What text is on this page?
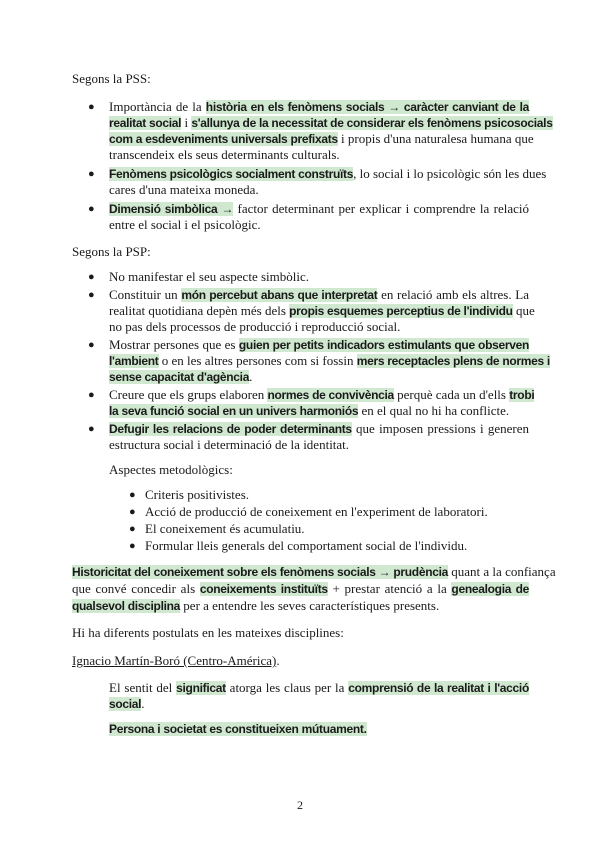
Segons la PSS:
● Importància de la història en els fenòmens socials → caràcter canviant de la
realitat social i s'allunya de la necessitat de considerar els fenòmens psicosocials
com a esdeveniments universals prefixats i propis d'una naturalesa humana que
transcendeix els seus determinants culturals.
● Fenòmens psicològics socialment construïts, lo social i lo psicològic són les dues
cares d'una mateixa moneda.
● Dimensió simbòlica → factor determinant per explicar i comprendre la relació
entre el social i el psicològic.
Segons la PSP:
● No manifestar el seu aspecte simbòlic.
● Constituir un món percebut abans que interpretat en relació amb els altres. La
realitat quotidiana depèn més dels propis esquemes perceptius de l'individu que
no pas dels processos de producció i reproducció social.
● Mostrar persones que es guien per petits indicadors estimulants que observen
l'ambient o en les altres persones com si fossin mers receptacles plens de normes i
sense capacitat d'agència.
● Creure que els grups elaboren normes de convivència perquè cada un d'ells trobi
la seva funció social en un univers harmoniós en el qual no hi ha conflicte.
● Defugir les relacions de poder determinants que imposen pressions i generen
estructura social i determinació de la identitat.
Aspectes metodològics:
● Criteris positivistes.
● Acció de producció de coneixement en l'experiment de laboratori.
● El coneixement és acumulatiu.
● Formular lleis generals del comportament social de l'individu.
Historicitat del coneixement sobre els fenòmens socials → prudència quant a la confiança
que convé concedir als coneixements instituïts + prestar atenció a la genealogia de
qualsevol disciplina per a entendre les seves característiques presents.
Hi ha diferents postulats en les mateixes disciplines:
Ignacio Martín-Boró (Centro-América).
El sentit del significat atorga les claus per la comprensió de la realitat i l'acció
social.
Persona i societat es constitueixen mútuament.
2
